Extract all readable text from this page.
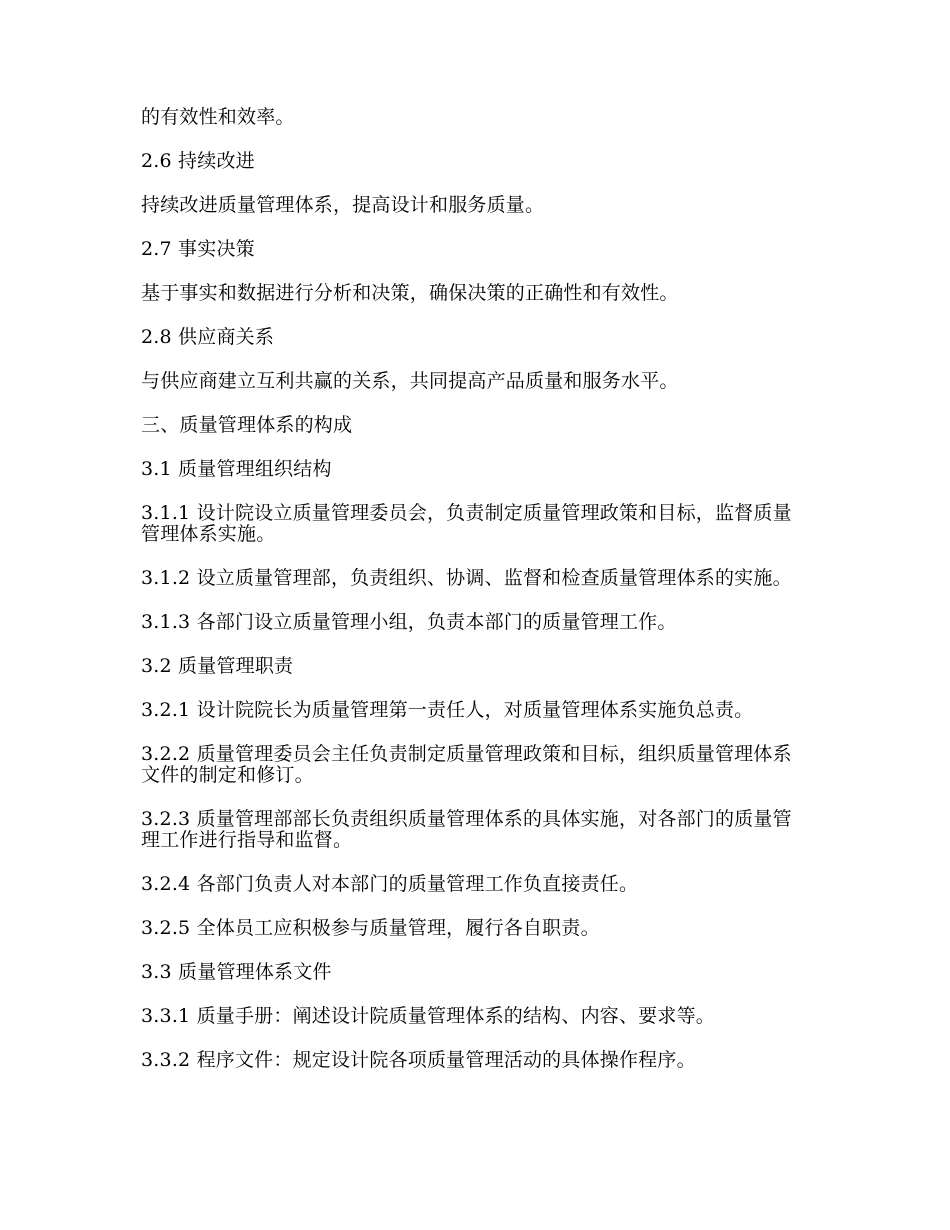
的有效性和效率。

2.6 持续改进

持续改进质量管理体系，提高设计和服务质量。

2.7 事实决策

基于事实和数据进行分析和决策，确保决策的正确性和有效性。

2.8 供应商关系

与供应商建立互利共赢的关系，共同提高产品质量和服务水平。

三、质量管理体系的构成

3.1 质量管理组织结构

3.1.1 设计院设立质量管理委员会，负责制定质量管理政策和目标，监督质量管理体系实施。

3.1.2 设立质量管理部，负责组织、协调、监督和检查质量管理体系的实施。

3.1.3 各部门设立质量管理小组，负责本部门的质量管理工作。

3.2 质量管理职责

3.2.1 设计院院长为质量管理第一责任人，对质量管理体系实施负总责。

3.2.2 质量管理委员会主任负责制定质量管理政策和目标，组织质量管理体系文件的制定和修订。

3.2.3 质量管理部部长负责组织质量管理体系的具体实施，对各部门的质量管理工作进行指导和监督。

3.2.4 各部门负责人对本部门的质量管理工作负直接责任。

3.2.5 全体员工应积极参与质量管理，履行各自职责。

3.3 质量管理体系文件

3.3.1 质量手册：阐述设计院质量管理体系的结构、内容、要求等。

3.3.2 程序文件：规定设计院各项质量管理活动的具体操作程序。
